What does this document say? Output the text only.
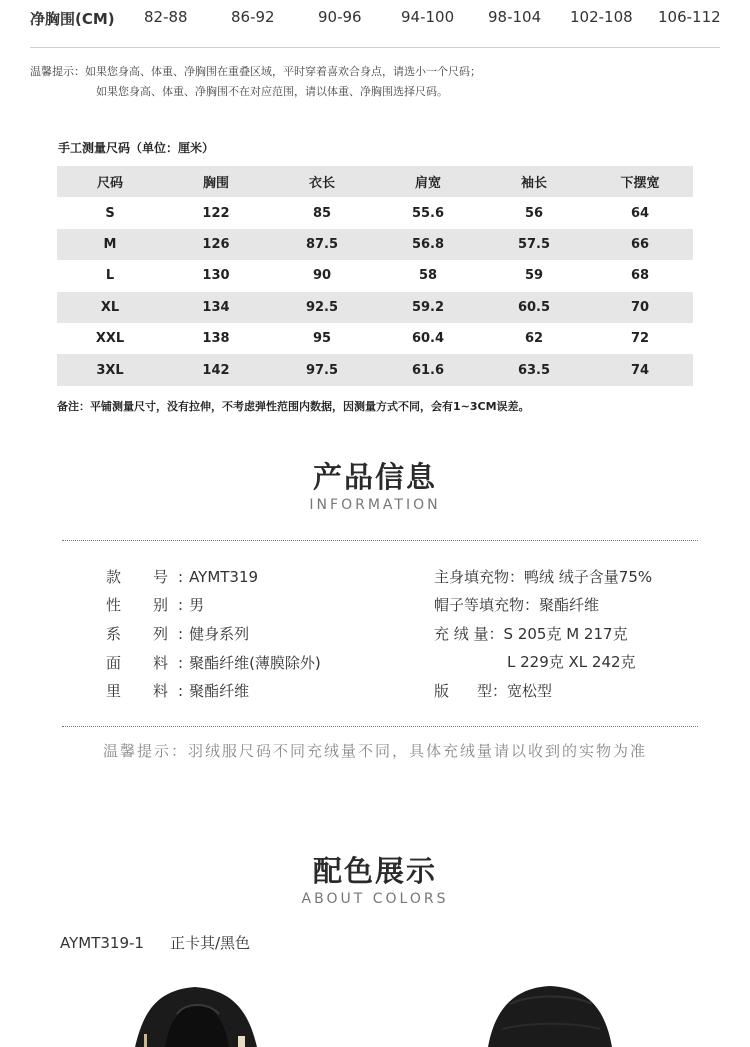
净胸围(CM) 82-88	86-92	90-96	94-100 98-104 102-108 106-112
温馨提示：如果您身高、体重、净胸围在重叠区域，平时穿着喜欢合身点，请选小一个尺码；
如果您身高、体重、净胸围不在对应范围，请以体重、净胸围选择尺码。
手工测量尺码（单位：厘米）
尺码	胸围	衣长	肩宽	袖长	下摆宽
S	122	85	55.6	56	64
M	126	87.5	56.8	57.5	66
L	130	90	58	59	68
XL	134	92.5	59.2	60.5	70
XXL	138	95	60.4	62	72
3XL	142	97.5	61.6	63.5	74
备注：平铺测量尺寸，没有拉伸，不考虑弹性范围内数据，因测量方式不同，会有1~3CM误差。
产品信息
INFORMATION
款号 : AYMT319
性别 : 男
系列 : 健身系列
面料 : 聚酯纤维(薄膜除外)
里料 : 聚酯纤维
主身填充物：鸭绒 绒子含量75%
帽子等填充物：聚酯纤维
充 绒 量：S 205克 M 217克
L 229克 XL 242克
版 型：宽松型
温馨提示：羽绒服尺码不同充绒量不同，具体充绒量请以收到的实物为准
配色展示
ABOUT COLORS
AYMT319-1 正卡其/黑色
